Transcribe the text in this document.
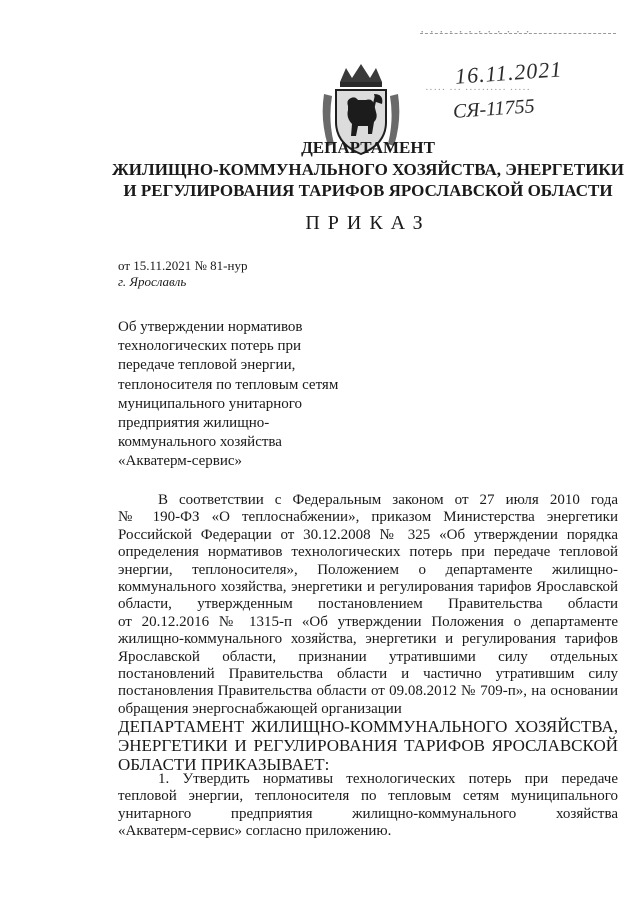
· · · · · · · · · · · ·
16.11.2021
····· ··· ·········· ·····
СЯ-11755
ДЕПАРТАМЕНТ
ЖИЛИЩНО-КОММУНАЛЬНОГО ХОЗЯЙСТВА, ЭНЕРГЕТИКИ
И РЕГУЛИРОВАНИЯ ТАРИФОВ ЯРОСЛАВСКОЙ ОБЛАСТИ
ПРИКАЗ
от 15.11.2021 № 81-нур
г. Ярославль
Об утверждении нормативов
технологических потерь при
передаче тепловой энергии,
теплоносителя по тепловым сетям
муниципального унитарного
предприятия жилищно-
коммунального хозяйства
«Акватерм-сервис»
В соответствии с Федеральным законом от 27 июля 2010 года
№ 190-ФЗ «О теплоснабжении», приказом Министерства энергетики
Российской Федерации от 30.12.2008 № 325 «Об утверждении порядка
определения нормативов технологических потерь при передаче тепловой
энергии, теплоносителя», Положением о департаменте жилищно-
коммунального хозяйства, энергетики и регулирования тарифов Ярославской
области, утвержденным постановлением Правительства области
от 20.12.2016 № 1315-п «Об утверждении Положения о департаменте
жилищно-коммунального хозяйства, энергетики и регулирования тарифов
Ярославской области, признании утратившими силу отдельных
постановлений Правительства области и частично утратившим силу
постановления Правительства области от 09.08.2012 № 709-п», на основании
обращения энергоснабжающей организации
ДЕПАРТАМЕНТ ЖИЛИЩНО-КОММУНАЛЬНОГО ХОЗЯЙСТВА,
ЭНЕРГЕТИКИ И РЕГУЛИРОВАНИЯ ТАРИФОВ ЯРОСЛАВСКОЙ
ОБЛАСТИ ПРИКАЗЫВАЕТ:
1. Утвердить нормативы технологических потерь при передаче
тепловой энергии, теплоносителя по тепловым сетям муниципального
унитарного предприятия жилищно-коммунального хозяйства
«Акватерм-сервис» согласно приложению.
